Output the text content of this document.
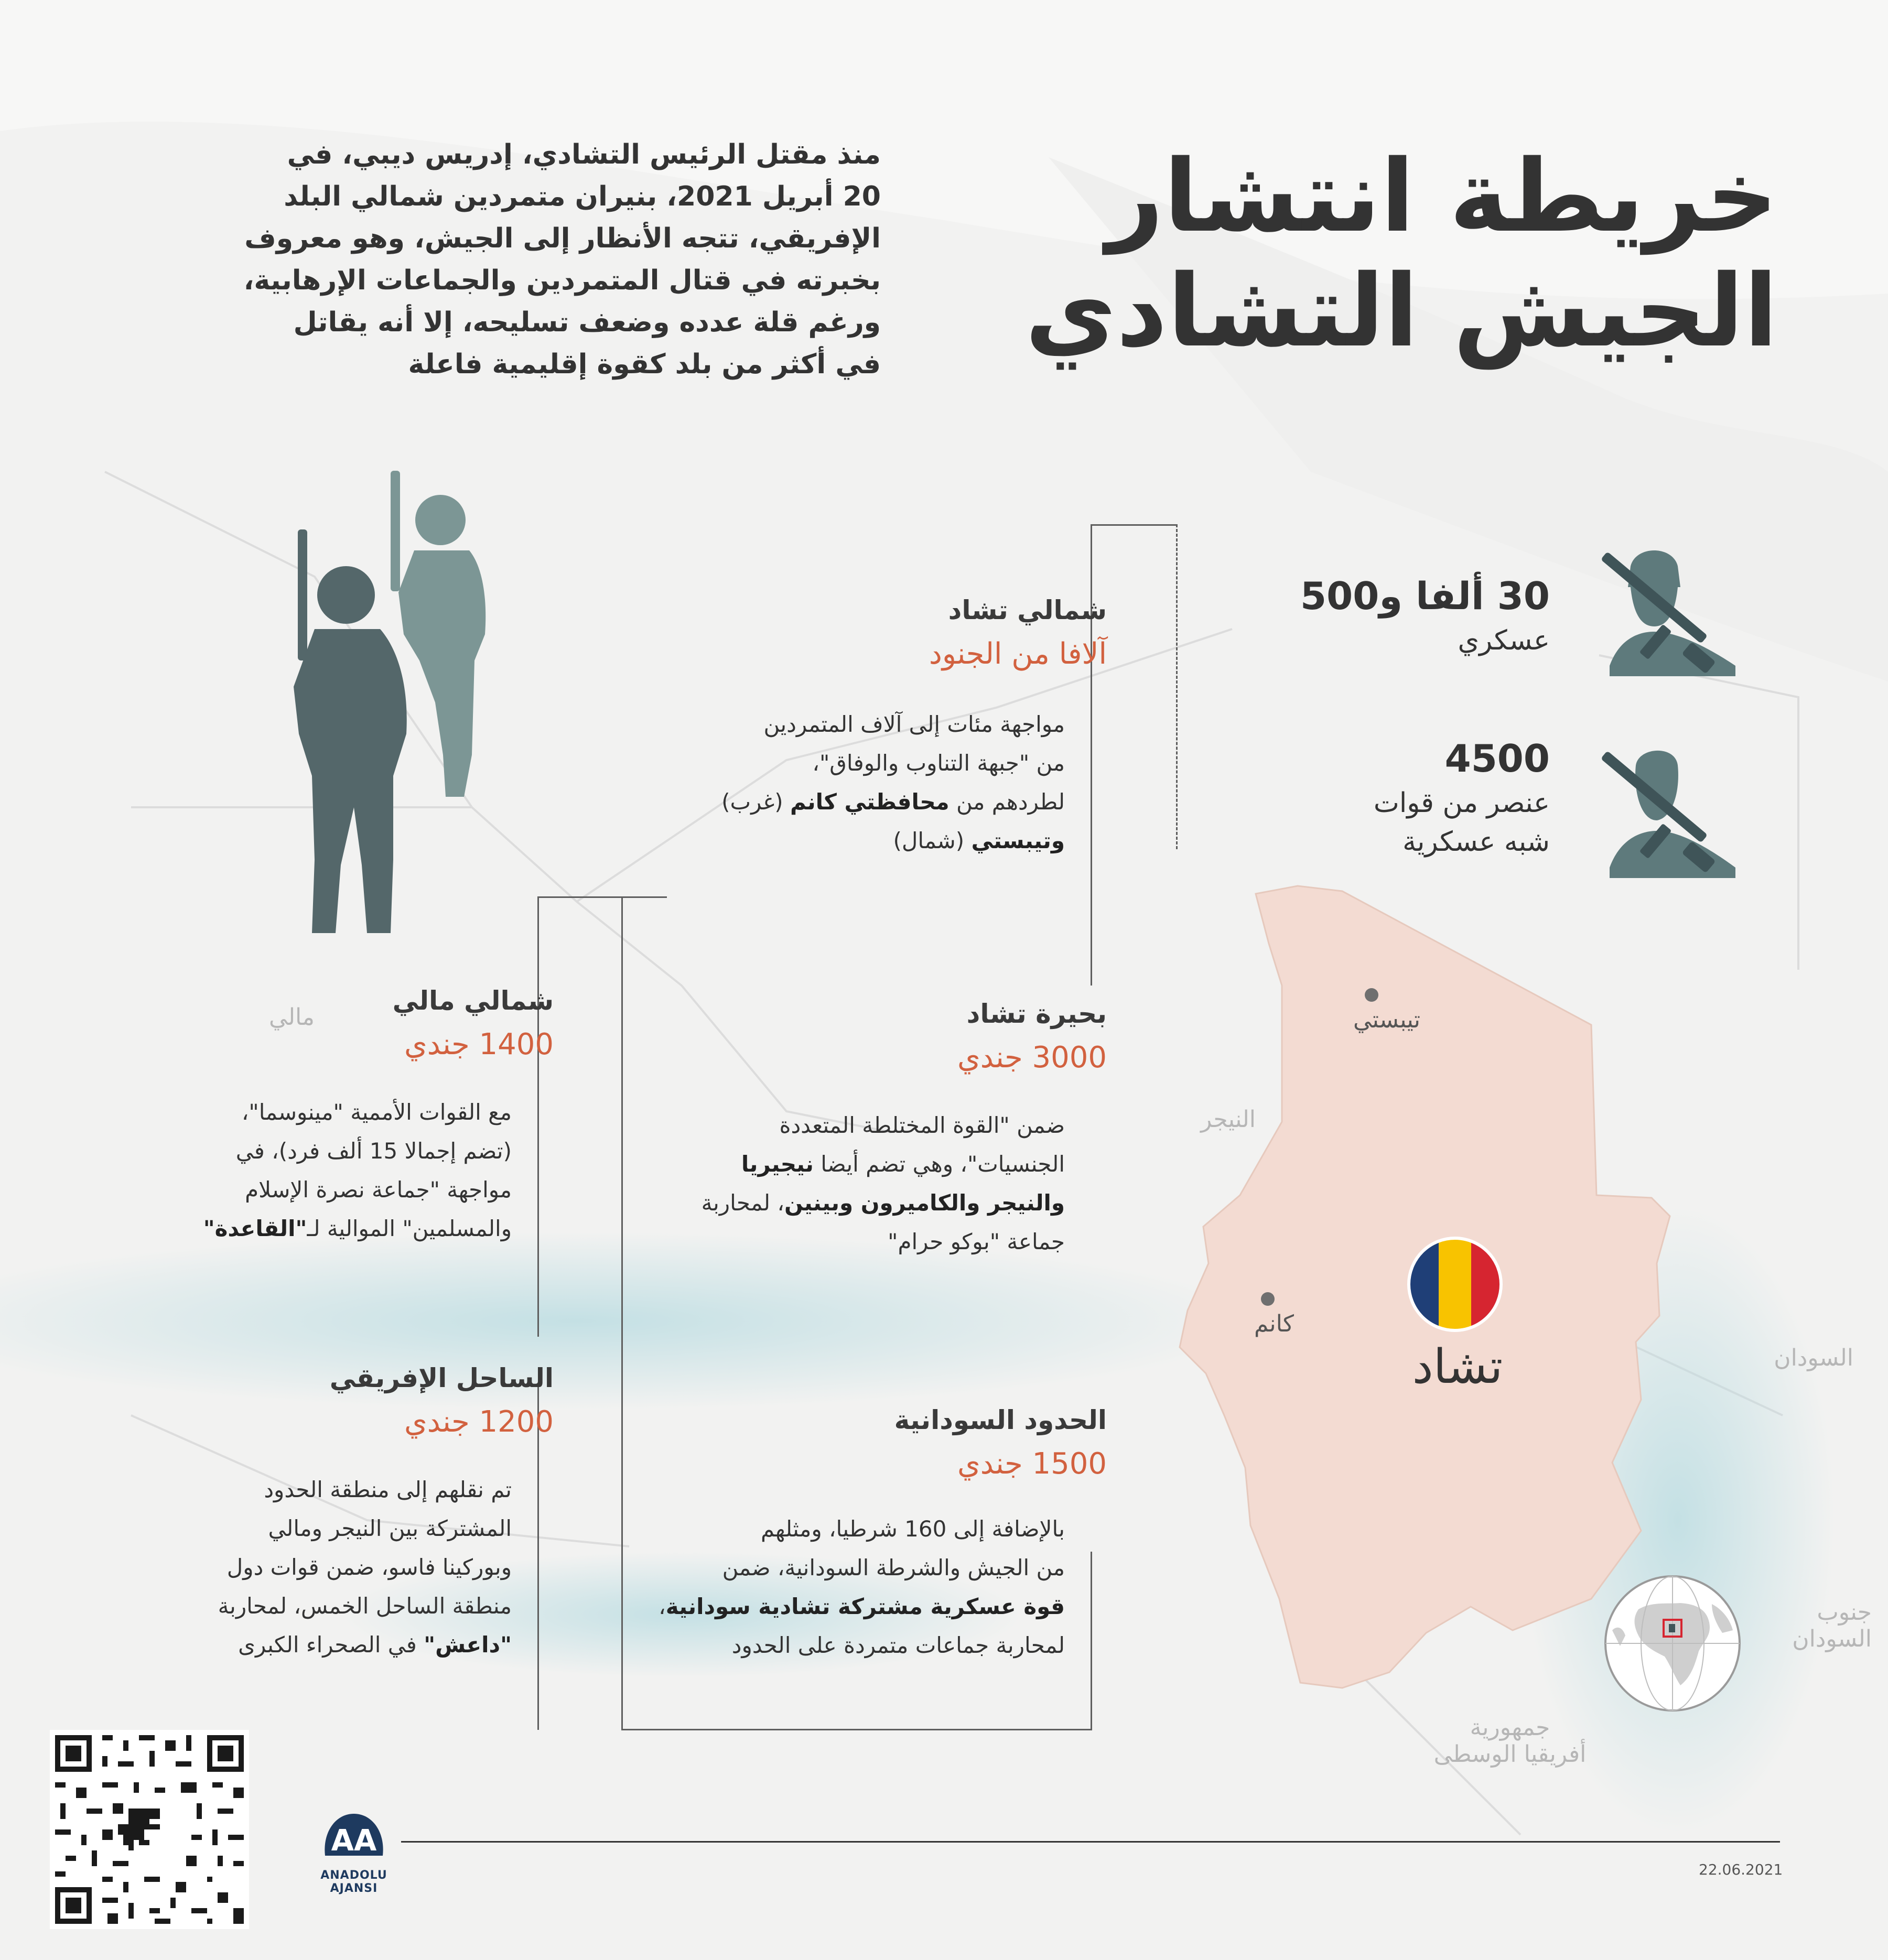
خريطة انتشار
الجيش التشادي
منذ مقتل الرئيس التشادي، إدريس ديبي، في
20 أبريل 2021، بنيران متمردين شمالي البلد
الإفريقي، تتجه الأنظار إلى الجيش، وهو معروف
بخبرته في قتال المتمردين والجماعات الإرهابية،
ورغم قلة عدده وضعف تسليحه، إلا أنه يقاتل
في أكثر من بلد كقوة إقليمية فاعلة
30 ألفا و500
عسكري
4500
عنصر من قوات
شبه عسكرية
شمالي تشاد
آلافا من الجنود
مواجهة مئات إلى آلاف المتمردين
من "جبهة التناوب والوفاق"،
لطردهم من محافظتي كانم (غرب)
وتيبستي (شمال)
بحيرة تشاد
3000 جندي
ضمن "القوة المختلطة المتعددة
الجنسيات"، وهي تضم أيضا نيجيريا
والنيجر والكاميرون وبينين، لمحاربة
جماعة "بوكو حرام"
الحدود السودانية
1500 جندي
بالإضافة إلى 160 شرطيا، ومثلهم
من الجيش والشرطة السودانية، ضمن
قوة عسكرية مشتركة تشادية سودانية،
لمحاربة جماعات متمردة على الحدود
شمالي مالي
1400 جندي
مع القوات الأممية "مينوسما"،
(تضم إجمالا 15 ألف فرد)، في
مواجهة "جماعة نصرة الإسلام
والمسلمين" الموالية لـ"القاعدة"
الساحل الإفريقي
1200 جندي
تم نقلهم إلى منطقة الحدود
المشتركة بين النيجر ومالي
وبوركينا فاسو، ضمن قوات دول
منطقة الساحل الخمس، لمحاربة
"داعش" في الصحراء الكبرى
مالي
النيجر
السودان
جنوب
السودان
جمهورية
أفريقيا الوسطى
تيبستي
كانم
تشاد
22.06.2021
AA
ANADOLU AJANSI
